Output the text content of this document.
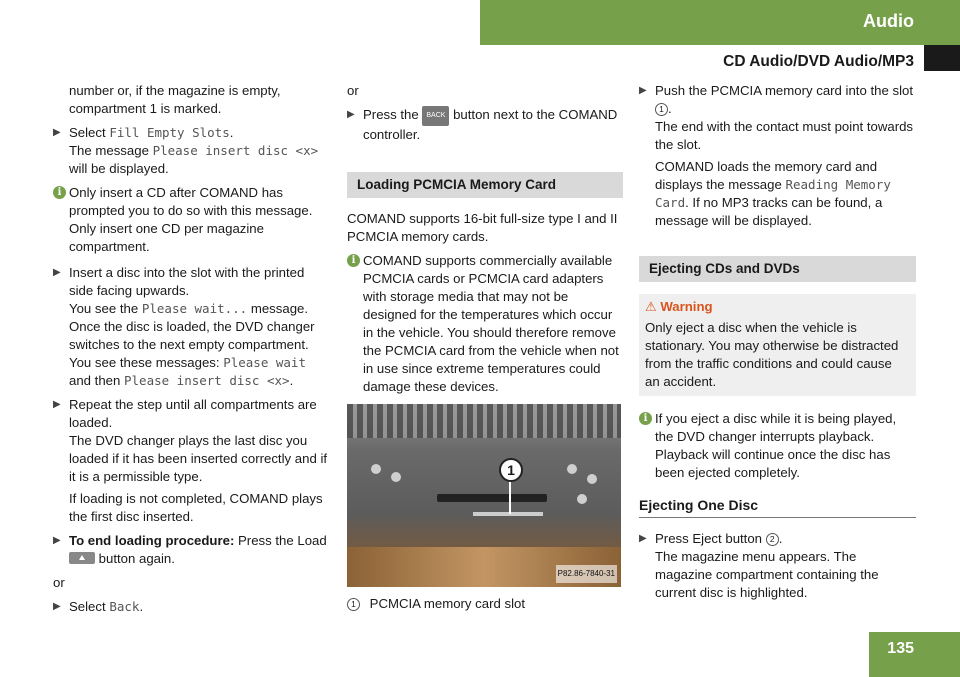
Audio
CD Audio/DVD Audio/MP3

number or, if the magazine is empty, compartment 1 is marked.

▶ Select Fill Empty Slots.
The message Please insert disc <x> will be displayed.
i Only insert a CD after COMAND has prompted you to do so with this message. Only insert one CD per magazine compartment.
▶ Insert a disc into the slot with the printed side facing upwards.
You see the Please wait... message.
Once the disc is loaded, the DVD changer switches to the next empty compartment. You see these messages: Please wait
and then Please insert disc <x>.
▶ Repeat the step until all compartments are loaded.
The DVD changer plays the last disc you loaded if it has been inserted correctly and if it is a permissible type.

If loading is not completed, COMAND plays the first disc inserted.

▶ To end loading procedure: Press the Load
button again.

or

▶ Select Back.

or

▶ Press the BACK button next to the COMAND controller.
Loading PCMCIA Memory Card

COMAND supports 16-bit full-size type I and II PCMCIA memory cards.

i COMAND supports commercially available PCMCIA cards or PCMCIA card adapters with storage media that may not be designed for the temperatures which occur in the vehicle. You should therefore remove the PCMCIA card from the vehicle when not in use since extreme temperatures could damage these devices.
1
P82.86-7840-31

1 PCMCIA memory card slot

▶ Push the PCMCIA memory card into the slot 1 .
The end with the contact must point towards the slot.

COMAND loads the memory card and displays the message Reading Memory Card. If no MP3 tracks can be found, a message will be displayed.

Ejecting CDs and DVDs
⚠ Warning
Only eject a disc when the vehicle is stationary. You may otherwise be distracted from the traffic conditions and could cause an accident.
i If you eject a disc while it is being played, the DVD changer interrupts playback. Playback will continue once the disc has been ejected completely.
Ejecting One Disc
▶ Press Eject button 2 .
The magazine menu appears. The magazine compartment containing the current disc is highlighted.
135
